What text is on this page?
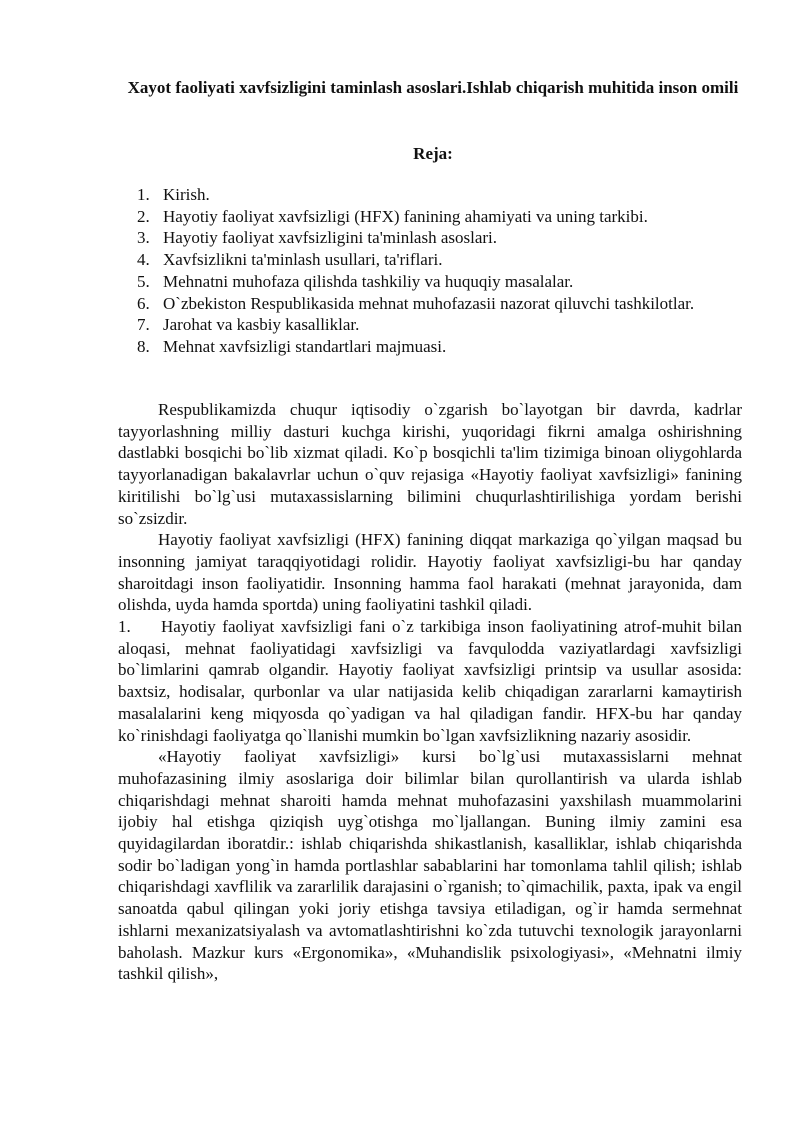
Xayot faoliyati xavfsizligini taminlash asoslari.Ishlab chiqarish muhitida inson omili
Reja:
1. Kirish.
2. Hayotiy faoliyat xavfsizligi (HFX) fanining ahamiyati va uning tarkibi.
3. Hayotiy faoliyat xavfsizligini ta'minlash asoslari.
4. Xavfsizlikni ta'minlash usullari, ta'riflari.
5. Mehnatni muhofaza qilishda tashkiliy va huquqiy masalalar.
6. O`zbekiston Respublikasida mehnat muhofazasii nazorat qiluvchi tashkilotlar.
7. Jarohat va kasbiy kasalliklar.
8. Mehnat xavfsizligi standartlari majmuasi.

Respublikamizda chuqur iqtisodiy o`zgarish bo`layotgan bir davrda, kadrlar tayyorlashning milliy dasturi kuchga kirishi, yuqoridagi fikrni amalga oshirishning dastlabki bosqichi bo`lib xizmat qiladi. Ko`p bosqichli ta'lim tizimiga binoan oliygohlarda tayyorlanadigan bakalavrlar uchun o`quv rejasiga «Hayotiy faoliyat xavfsizligi» fanining kiritilishi bo`lg`usi mutaxassislarning bilimini chuqurlashtirilishiga yordam berishi so`zsizdir.

Hayotiy faoliyat xavfsizligi (HFX) fanining diqqat markaziga qo`yilgan maqsad bu insonning jamiyat taraqqiyotidagi rolidir. Hayotiy faoliyat xavfsizligi-bu har qanday sharoitdagi inson faoliyatidir. Insonning hamma faol harakati (mehnat jarayonida, dam olishda, uyda hamda sportda) uning faoliyatini tashkil qiladi.

1. Hayotiy faoliyat xavfsizligi fani o`z tarkibiga inson faoliyatining atrof-muhit bilan aloqasi, mehnat faoliyatidagi xavfsizligi va favqulodda vaziyatlardagi xavfsizligi bo`limlarini qamrab olgandir. Hayotiy faoliyat xavfsizligi printsip va usullar asosida: baxtsiz, hodisalar, qurbonlar va ular natijasida kelib chiqadigan zararlarni kamaytirish masalalarini keng miqyosda qo`yadigan va hal qiladigan fandir. HFX-bu har qanday ko`rinishdagi faoliyatga qo`llanishi mumkin bo`lgan xavfsizlikning nazariy asosidir.

«Hayotiy faoliyat xavfsizligi» kursi bo`lg`usi mutaxassislarni mehnat muhofazasining ilmiy asoslariga doir bilimlar bilan qurollantirish va ularda ishlab chiqarishdagi mehnat sharoiti hamda mehnat muhofazasini yaxshilash muammolarini ijobiy hal etishga qiziqish uyg`otishga mo`ljallangan. Buning ilmiy zamini esa quyidagilardan iboratdir.: ishlab chiqarishda shikastlanish, kasalliklar, ishlab chiqarishda sodir bo`ladigan yong`in hamda portlashlar sabablarini har tomonlama tahlil qilish; ishlab chiqarishdagi xavflilik va zararlilik darajasini o`rganish; to`qimachilik, paxta, ipak va engil sanoatda qabul qilingan yoki joriy etishga tavsiya etiladigan, og`ir hamda sermehnat ishlarni mexanizatsiyalash va avtomatlashtirishni ko`zda tutuvchi texnologik jarayonlarni baholash. Mazkur kurs «Ergonomika», «Muhandislik psixologiyasi», «Mehnatni ilmiy tashkil qilish»,
